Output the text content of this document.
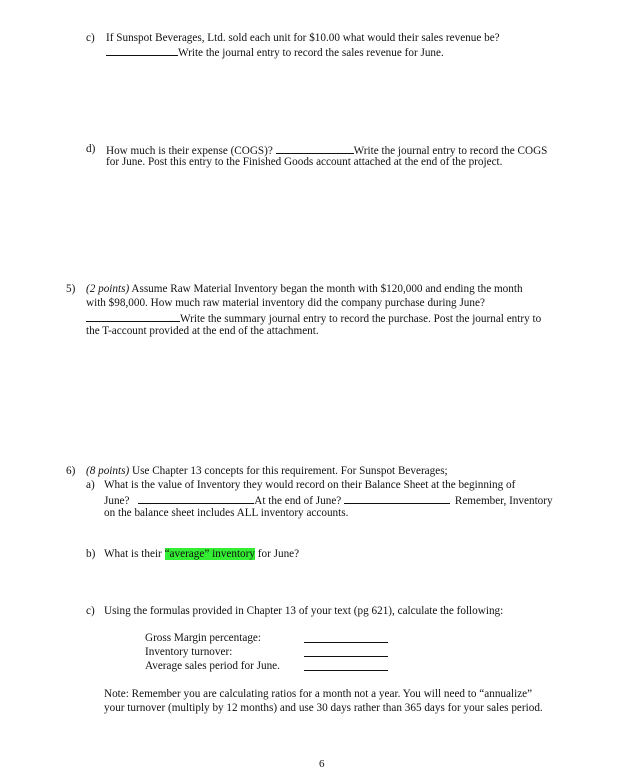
c) If Sunspot Beverages, Ltd. sold each unit for $10.00 what would their sales revenue be?
Write the journal entry to record the sales revenue for June.
d) How much is their expense (COGS)?	Write the journal entry to record the COGS
for June. Post this entry to the Finished Goods account attached at the end of the project.
5) (2 points) Assume Raw Material Inventory began the month with $120,000 and ending the month
with $98,000. How much raw material inventory did the company purchase during June?
Write the summary journal entry to record the purchase. Post the journal entry to
the T-account provided at the end of the attachment.
6) (8 points) Use Chapter 13 concepts for this requirement. For Sunspot Beverages;
a) What is the value of Inventory they would record on their Balance Sheet at the beginning of
June?	At the end of June?	Remember, Inventory
on the balance sheet includes ALL inventory accounts.
b) What is their “average” inventory for June?
c) Using the formulas provided in Chapter 13 of your text (pg 621), calculate the following:
Gross Margin percentage:
Inventory turnover:
Average sales period for June.
Note: Remember you are calculating ratios for a month not a year. You will need to “annualize”
your turnover (multiply by 12 months) and use 30 days rather than 365 days for your sales period.
6
